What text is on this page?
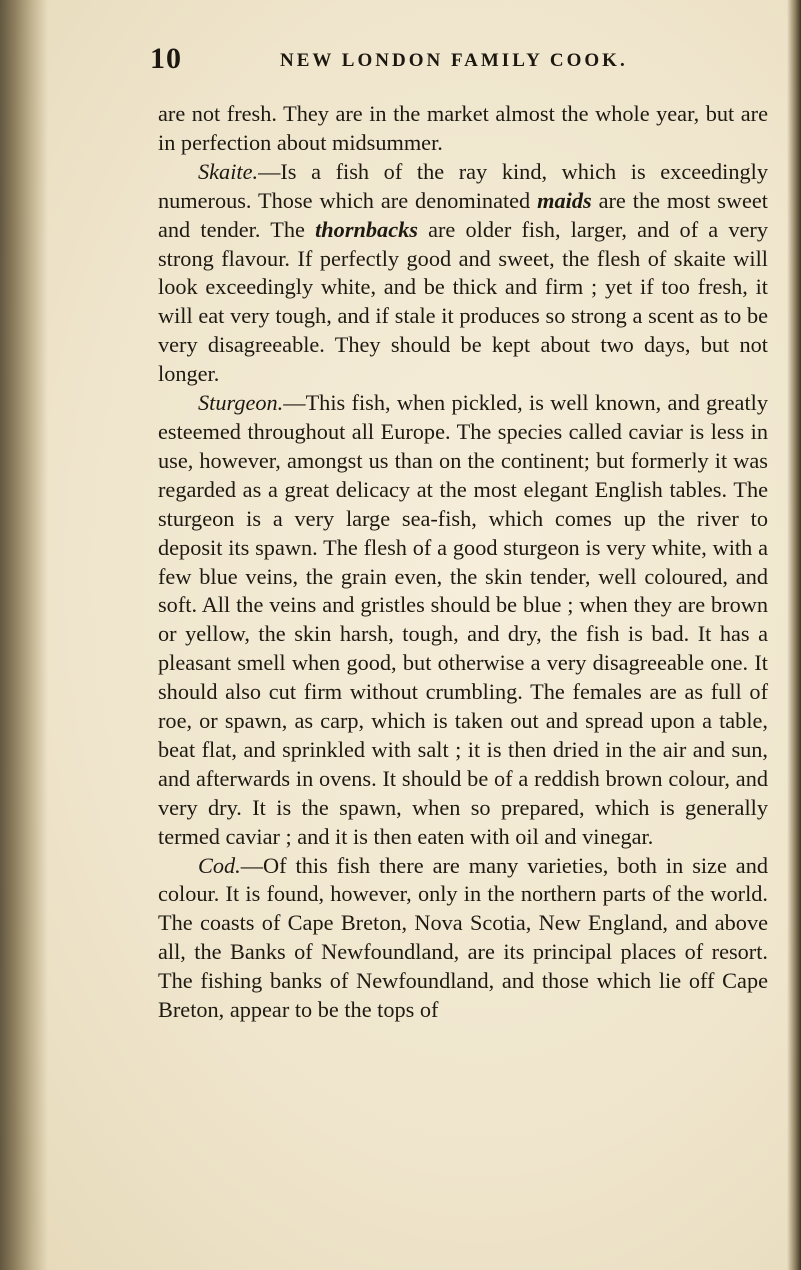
10	NEW LONDON FAMILY COOK.

are not fresh. They are in the market almost the whole year, but are in perfection about midsummer.

Skaite.—Is a fish of the ray kind, which is exceedingly numerous. Those which are denominated maids are the most sweet and tender. The thornbacks are older fish, larger, and of a very strong flavour. If perfectly good and sweet, the flesh of skaite will look exceedingly white, and be thick and firm ; yet if too fresh, it will eat very tough, and if stale it produces so strong a scent as to be very disagreeable. They should be kept about two days, but not longer.

Sturgeon.—This fish, when pickled, is well known, and greatly esteemed throughout all Europe. The species called caviar is less in use, however, amongst us than on the continent; but formerly it was regarded as a great delicacy at the most elegant English tables. The sturgeon is a very large sea-fish, which comes up the river to deposit its spawn. The flesh of a good sturgeon is very white, with a few blue veins, the grain even, the skin tender, well coloured, and soft. All the veins and gristles should be blue ; when they are brown or yellow, the skin harsh, tough, and dry, the fish is bad. It has a pleasant smell when good, but otherwise a very disagreeable one. It should also cut firm without crumbling. The females are as full of roe, or spawn, as carp, which is taken out and spread upon a table, beat flat, and sprinkled with salt ; it is then dried in the air and sun, and afterwards in ovens. It should be of a reddish brown colour, and very dry. It is the spawn, when so prepared, which is generally termed caviar ; and it is then eaten with oil and vinegar.

Cod.—Of this fish there are many varieties, both in size and colour. It is found, however, only in the northern parts of the world. The coasts of Cape Breton, Nova Scotia, New England, and above all, the Banks of Newfoundland, are its principal places of resort. The fishing banks of Newfoundland, and those which lie off Cape Breton, appear to be the tops of
